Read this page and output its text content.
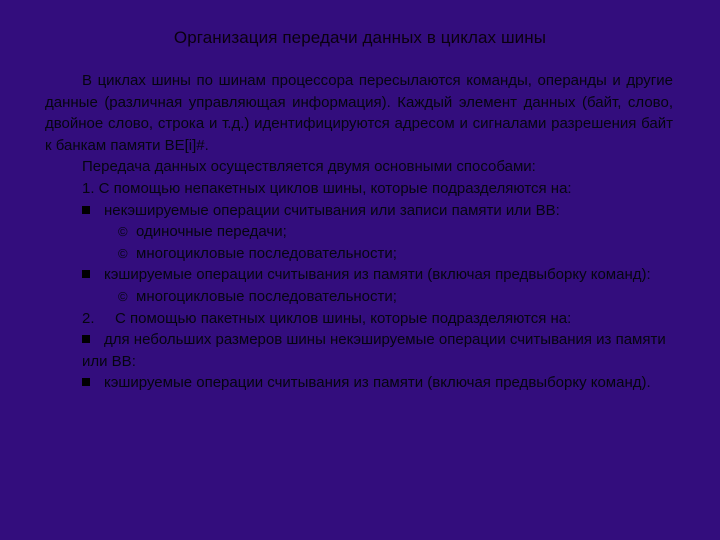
Организация передачи данных в циклах шины

В циклах шины по шинам процессора пересылаются команды, операнды и другие данные (различная управляющая информация). Каждый элемент данных (байт, слово, двойное слово, строка и т.д.) идентифицируются адресом и сигналами разрешения байт к банкам памяти BE[i]#.

Передача данных осуществляется двумя основными способами:

1. С помощью непакетных циклов шины, которые подразделяются на:

некэшируемые операции считывания или записи памяти или ВВ:

© одиночные передачи;

© многоцикловые последовательности;

кэшируемые операции считывания из памяти (включая предвыборку команд):

© многоцикловые последовательности;

2. С помощью пакетных циклов шины, которые подразделяются на:

для небольших размеров шины некэшируемые операции считывания из памяти или ВВ:

кэшируемые операции считывания из памяти (включая предвыборку команд).
